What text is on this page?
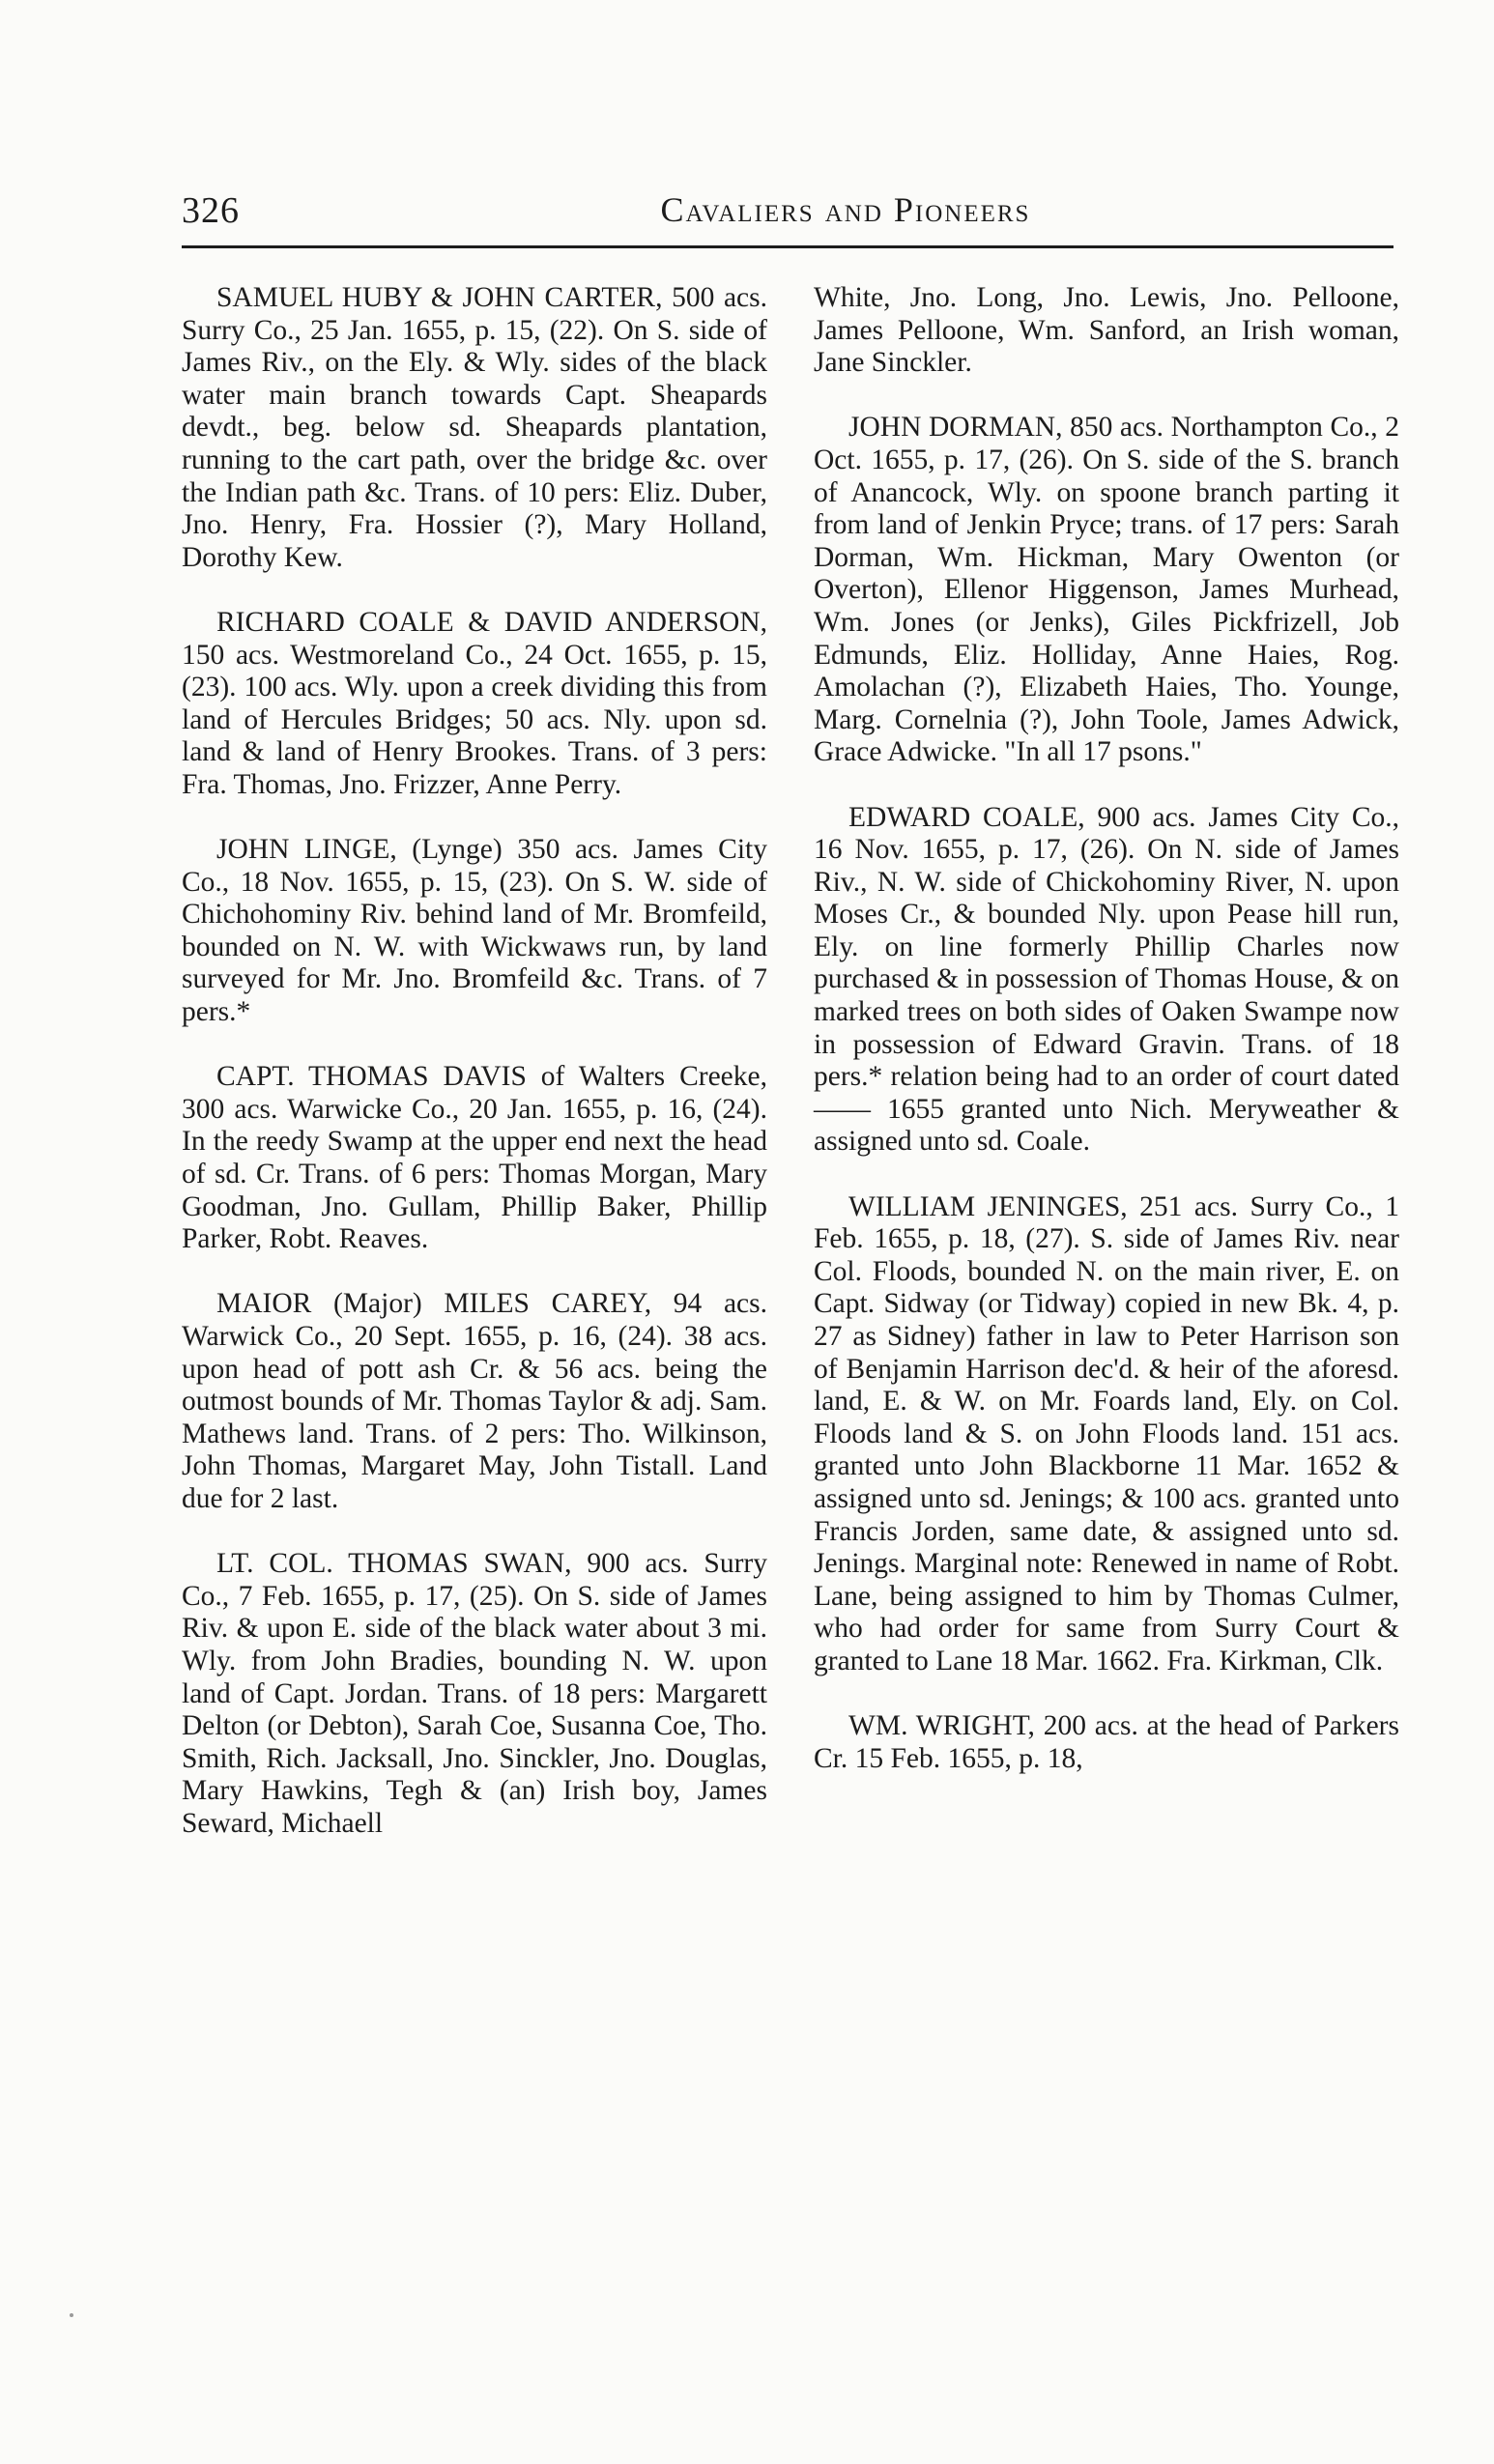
326	Cavaliers and Pioneers

SAMUEL HUBY & JOHN CARTER, 500 acs. Surry Co., 25 Jan. 1655, p. 15, (22). On S. side of James Riv., on the Ely. & Wly. sides of the black water main branch towards Capt. Sheapards devdt., beg. below sd. Sheapards plantation, running to the cart path, over the bridge &c. over the Indian path &c. Trans. of 10 pers: Eliz. Duber, Jno. Henry, Fra. Hossier (?), Mary Holland, Dorothy Kew.

RICHARD COALE & DAVID ANDERSON, 150 acs. Westmoreland Co., 24 Oct. 1655, p. 15, (23). 100 acs. Wly. upon a creek dividing this from land of Hercules Bridges; 50 acs. Nly. upon sd. land & land of Henry Brookes. Trans. of 3 pers: Fra. Thomas, Jno. Frizzer, Anne Perry.

JOHN LINGE, (Lynge) 350 acs. James City Co., 18 Nov. 1655, p. 15, (23). On S. W. side of Chichohominy Riv. behind land of Mr. Bromfeild, bounded on N. W. with Wickwaws run, by land surveyed for Mr. Jno. Bromfeild &c. Trans. of 7 pers.*

CAPT. THOMAS DAVIS of Walters Creeke, 300 acs. Warwicke Co., 20 Jan. 1655, p. 16, (24). In the reedy Swamp at the upper end next the head of sd. Cr. Trans. of 6 pers: Thomas Morgan, Mary Goodman, Jno. Gullam, Phillip Baker, Phillip Parker, Robt. Reaves.

MAIOR (Major) MILES CAREY, 94 acs. Warwick Co., 20 Sept. 1655, p. 16, (24). 38 acs. upon head of pott ash Cr. & 56 acs. being the outmost bounds of Mr. Thomas Taylor & adj. Sam. Mathews land. Trans. of 2 pers: Tho. Wilkinson, John Thomas, Margaret May, John Tistall. Land due for 2 last.

LT. COL. THOMAS SWAN, 900 acs. Surry Co., 7 Feb. 1655, p. 17, (25). On S. side of James Riv. & upon E. side of the black water about 3 mi. Wly. from John Bradies, bounding N. W. upon land of Capt. Jordan. Trans. of 18 pers: Margarett Delton (or Debton), Sarah Coe, Susanna Coe, Tho. Smith, Rich. Jacksall, Jno. Sinckler, Jno. Douglas, Mary Hawkins, Tegh & (an) Irish boy, James Seward, Michaell

White, Jno. Long, Jno. Lewis, Jno. Pelloone, James Pelloone, Wm. Sanford, an Irish woman, Jane Sinckler.

JOHN DORMAN, 850 acs. Northampton Co., 2 Oct. 1655, p. 17, (26). On S. side of the S. branch of Anancock, Wly. on spoone branch parting it from land of Jenkin Pryce; trans. of 17 pers: Sarah Dorman, Wm. Hickman, Mary Owenton (or Overton), Ellenor Higgenson, James Murhead, Wm. Jones (or Jenks), Giles Pickfrizell, Job Edmunds, Eliz. Holliday, Anne Haies, Rog. Amolachan (?), Elizabeth Haies, Tho. Younge, Marg. Cornelnia (?), John Toole, James Adwick, Grace Adwicke. "In all 17 psons."

EDWARD COALE, 900 acs. James City Co., 16 Nov. 1655, p. 17, (26). On N. side of James Riv., N. W. side of Chickohominy River, N. upon Moses Cr., & bounded Nly. upon Pease hill run, Ely. on line formerly Phillip Charles now purchased & in possession of Thomas House, & on marked trees on both sides of Oaken Swampe now in possession of Edward Gravin. Trans. of 18 pers.* relation being had to an order of court dated —— 1655 granted unto Nich. Meryweather & assigned unto sd. Coale.

WILLIAM JENINGES, 251 acs. Surry Co., 1 Feb. 1655, p. 18, (27). S. side of James Riv. near Col. Floods, bounded N. on the main river, E. on Capt. Sidway (or Tidway) copied in new Bk. 4, p. 27 as Sidney) father in law to Peter Harrison son of Benjamin Harrison dec'd. & heir of the aforesd. land, E. & W. on Mr. Foards land, Ely. on Col. Floods land & S. on John Floods land. 151 acs. granted unto John Blackborne 11 Mar. 1652 & assigned unto sd. Jenings; & 100 acs. granted unto Francis Jorden, same date, & assigned unto sd. Jenings. Marginal note: Renewed in name of Robt. Lane, being assigned to him by Thomas Culmer, who had order for same from Surry Court & granted to Lane 18 Mar. 1662. Fra. Kirkman, Clk.

WM. WRIGHT, 200 acs. at the head of Parkers Cr. 15 Feb. 1655, p. 18,
